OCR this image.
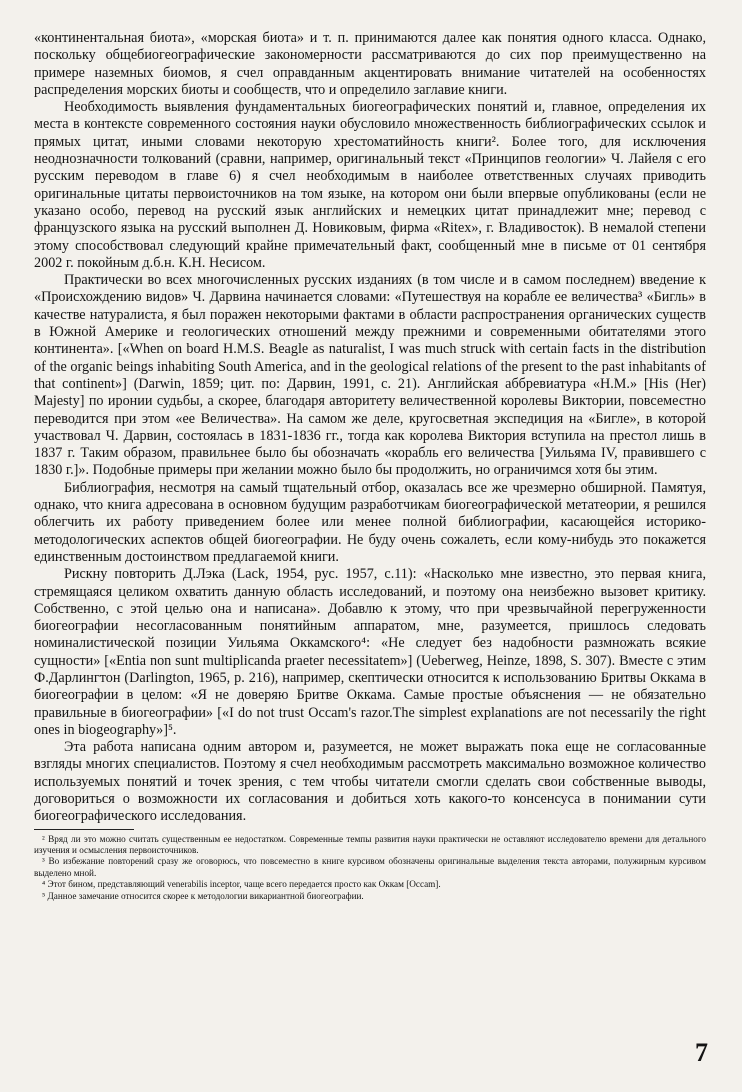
«континентальная биота», «морская биота» и т. п. принимаются далее как понятия одного класса. Однако, поскольку общебиогеографические закономерности рассматриваются до сих пор преимущественно на примере наземных биомов, я счел оправданным акцентировать внимание читателей на особенностях распределения морских биоты и сообществ, что и определило заглавие книги.

Необходимость выявления фундаментальных биогеографических понятий и, главное, определения их места в контексте современного состояния науки обусловило множественность библиографических ссылок и прямых цитат, иными словами некоторую хрестоматийность книги². Более того, для исключения неоднозначности толкований (сравни, например, оригинальный текст «Принципов геологии» Ч. Лайеля с его русским переводом в главе 6) я счел необходимым в наиболее ответственных случаях приводить оригинальные цитаты первоисточников на том языке, на котором они были впервые опубликованы (если не указано особо, перевод на русский язык английских и немецких цитат принадлежит мне; перевод с французского языка на русский выполнен Д. Новиковым, фирма «Ritex», г. Владивосток). В немалой степени этому способствовал следующий крайне примечательный факт, сообщенный мне в письме от 01 сентября 2002 г. покойным д.б.н. К.Н. Несисом.

Практически во всех многочисленных русских изданиях (в том числе и в самом последнем) введение к «Происхождению видов» Ч. Дарвина начинается словами: «Путешествуя на корабле ее величества³ «Бигль» в качестве натуралиста, я был поражен некоторыми фактами в области распространения органических существ в Южной Америке и геологических отношений между прежними и современными обитателями этого континента». [«When on board H.M.S. Beagle as naturalist, I was much struck with certain facts in the distribution of the organic beings inhabiting South America, and in the geological relations of the present to the past inhabitants of that continent»] (Darwin, 1859; цит. по: Дарвин, 1991, с. 21). Английская аббревиатура «H.M.» [His (Her) Majesty] по иронии судьбы, а скорее, благодаря авторитету величественной королевы Виктории, повсеместно переводится при этом «ее Величества». На самом же деле, кругосветная экспедиция на «Бигле», в которой участвовал Ч. Дарвин, состоялась в 1831-1836 гг., тогда как королева Виктория вступила на престол лишь в 1837 г. Таким образом, правильнее было бы обозначать «корабль его величества [Уильяма IV, правившего с 1830 г.]». Подобные примеры при желании можно было бы продолжить, но ограничимся хотя бы этим.

Библиография, несмотря на самый тщательный отбор, оказалась все же чрезмерно обширной. Памятуя, однако, что книга адресована в основном будущим разработчикам биогеографической метатеории, я решился облегчить их работу приведением более или менее полной библиографии, касающейся историко-методологических аспектов общей биогеографии. Не буду очень сожалеть, если кому-нибудь это покажется единственным достоинством предлагаемой книги.

Рискну повторить Д.Лэка (Lack, 1954, рус. 1957, с.11): «Насколько мне известно, это первая книга, стремящаяся целиком охватить данную область исследований, и поэтому она неизбежно вызовет критику. Собственно, с этой целью она и написана». Добавлю к этому, что при чрезвычайной перегруженности биогеографии несогласованным понятийным аппаратом, мне, разумеется, пришлось следовать номиналистической позиции Уильяма Оккамского⁴: «Не следует без надобности размножать всякие сущности» [«Entia non sunt multiplicanda praeter necessitatem»] (Ueberweg, Heinze, 1898, S. 307). Вместе с этим Ф.Дарлингтон (Darlington, 1965, p. 216), например, скептически относится к использованию Бритвы Оккама в биогеографии в целом: «Я не доверяю Бритве Оккама. Самые простые объяснения — не обязательно правильные в биогеографии» [«I do not trust Occam's razor.The simplest explanations are not necessarily the right ones in biogeography»]⁵.

Эта работа написана одним автором и, разумеется, не может выражать пока еще не согласованные взгляды многих специалистов. Поэтому я счел необходимым рассмотреть максимально возможное количество используемых понятий и точек зрения, с тем чтобы читатели смогли сделать свои собственные выводы, договориться о возможности их согласования и добиться хоть какого-то консенсуса в понимании сути биогеографического исследования.

² Вряд ли это можно считать существенным ее недостатком. Современные темпы развития науки практически не оставляют исследователю времени для детального изучения и осмысления первоисточников.

³ Во избежание повторений сразу же оговорюсь, что повсеместно в книге курсивом обозначены оригинальные выделения текста авторами, полужирным курсивом выделено мной.

⁴ Этот бином, представляющий venerabilis inceptor, чаще всего передается просто как Оккам [Occam].

⁵ Данное замечание относится скорее к методологии викариантной биогеографии.

7
